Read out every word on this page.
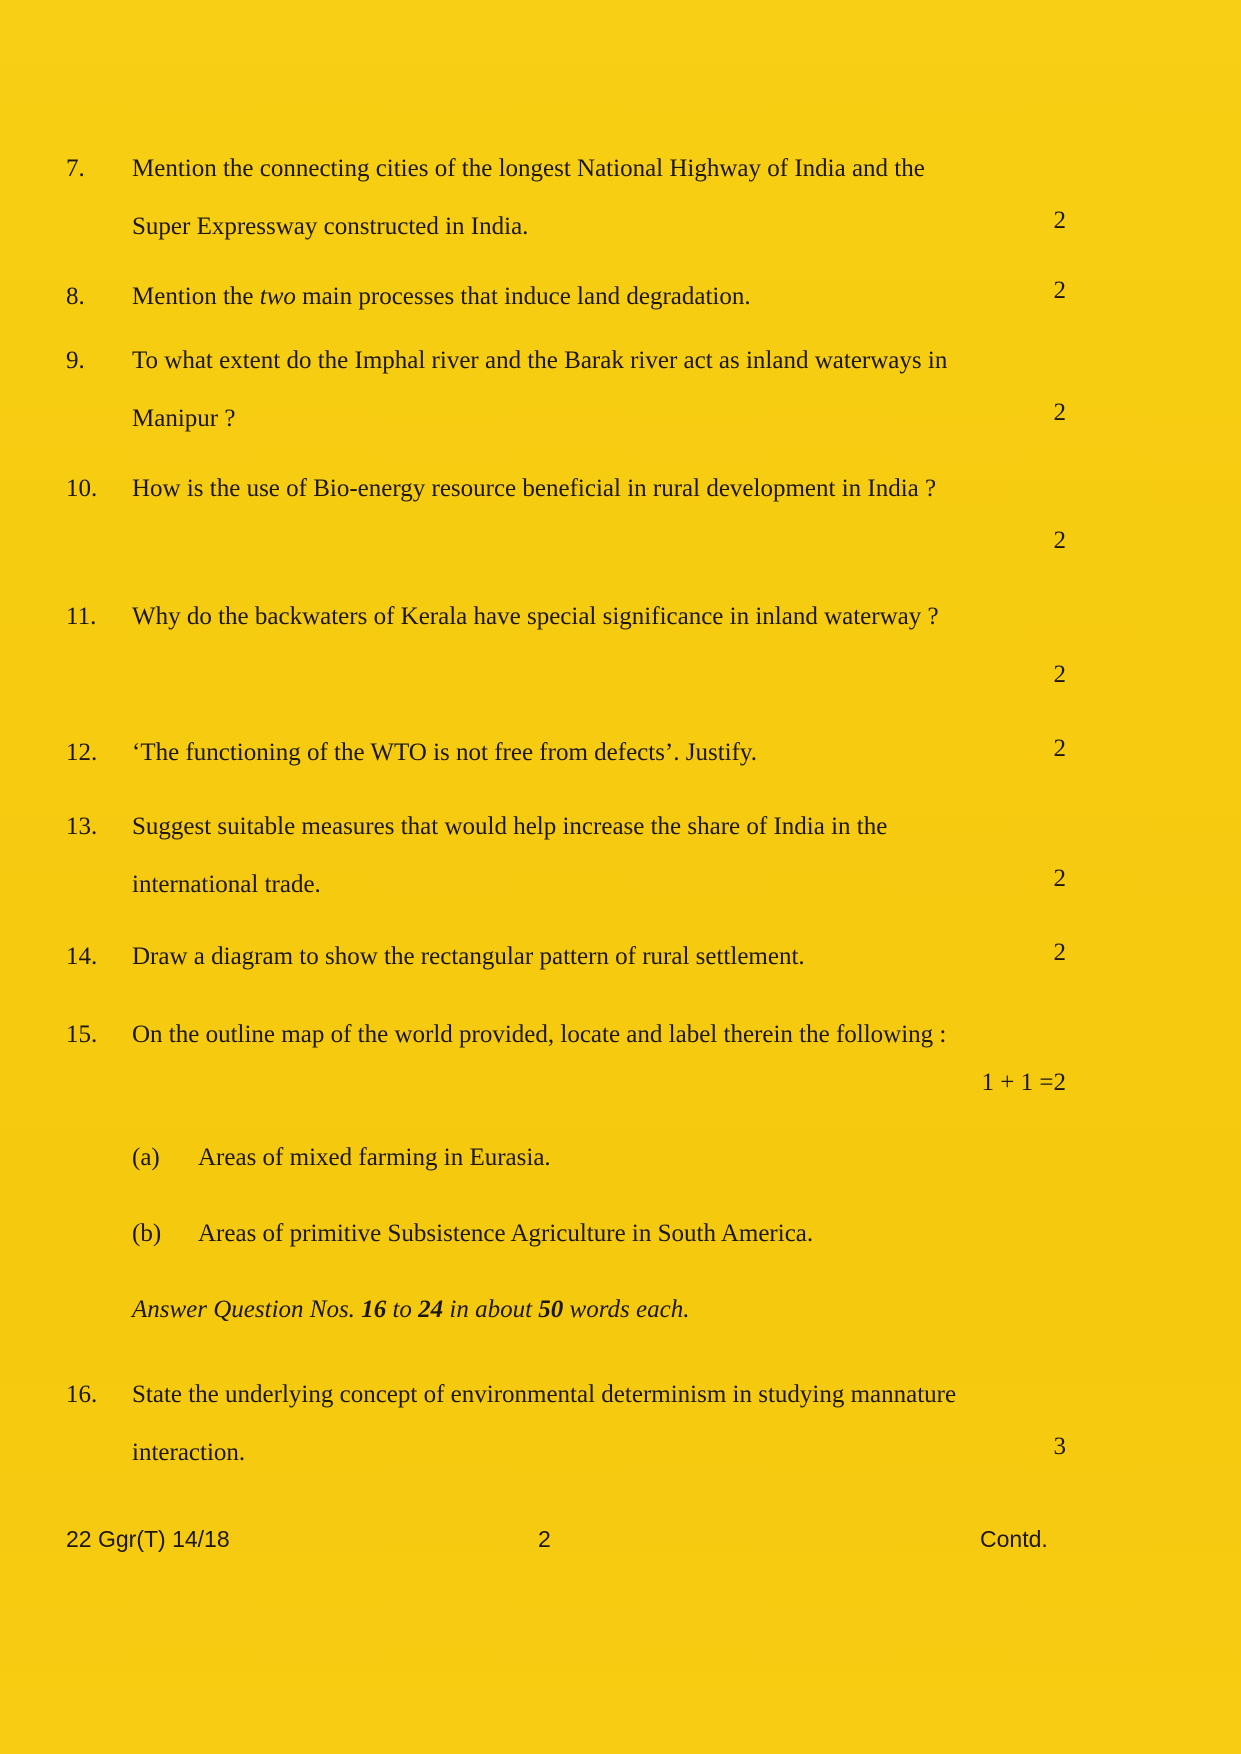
7. Mention the connecting cities of the longest National Highway of India and the
Super Expressway constructed in India.	2
8. Mention the two main processes that induce land degradation.	2
9. To what extent do the Imphal river and the Barak river act as inland waterways in
Manipur ?	2
10. How is the use of Bio-energy resource beneficial in rural development in India ?
2
11. Why do the backwaters of Kerala have special significance in inland waterway ?
2
12. ‘The functioning of the WTO is not free from defects’. Justify.	2
13. Suggest suitable measures that would help increase the share of India in the
international trade.	2
14. Draw a diagram to show the rectangular pattern of rural settlement.	2
15. On the outline map of the world provided, locate and label therein the following :
1 + 1 =2
(a) Areas of mixed farming in Eurasia.
(b) Areas of primitive Subsistence Agriculture in South America.
Answer Question Nos. 16 to 24 in about 50 words each.
16. State the underlying concept of environmental determinism in studying mannature
interaction.	3
22 Ggr(T) 14/18	2	Contd.
